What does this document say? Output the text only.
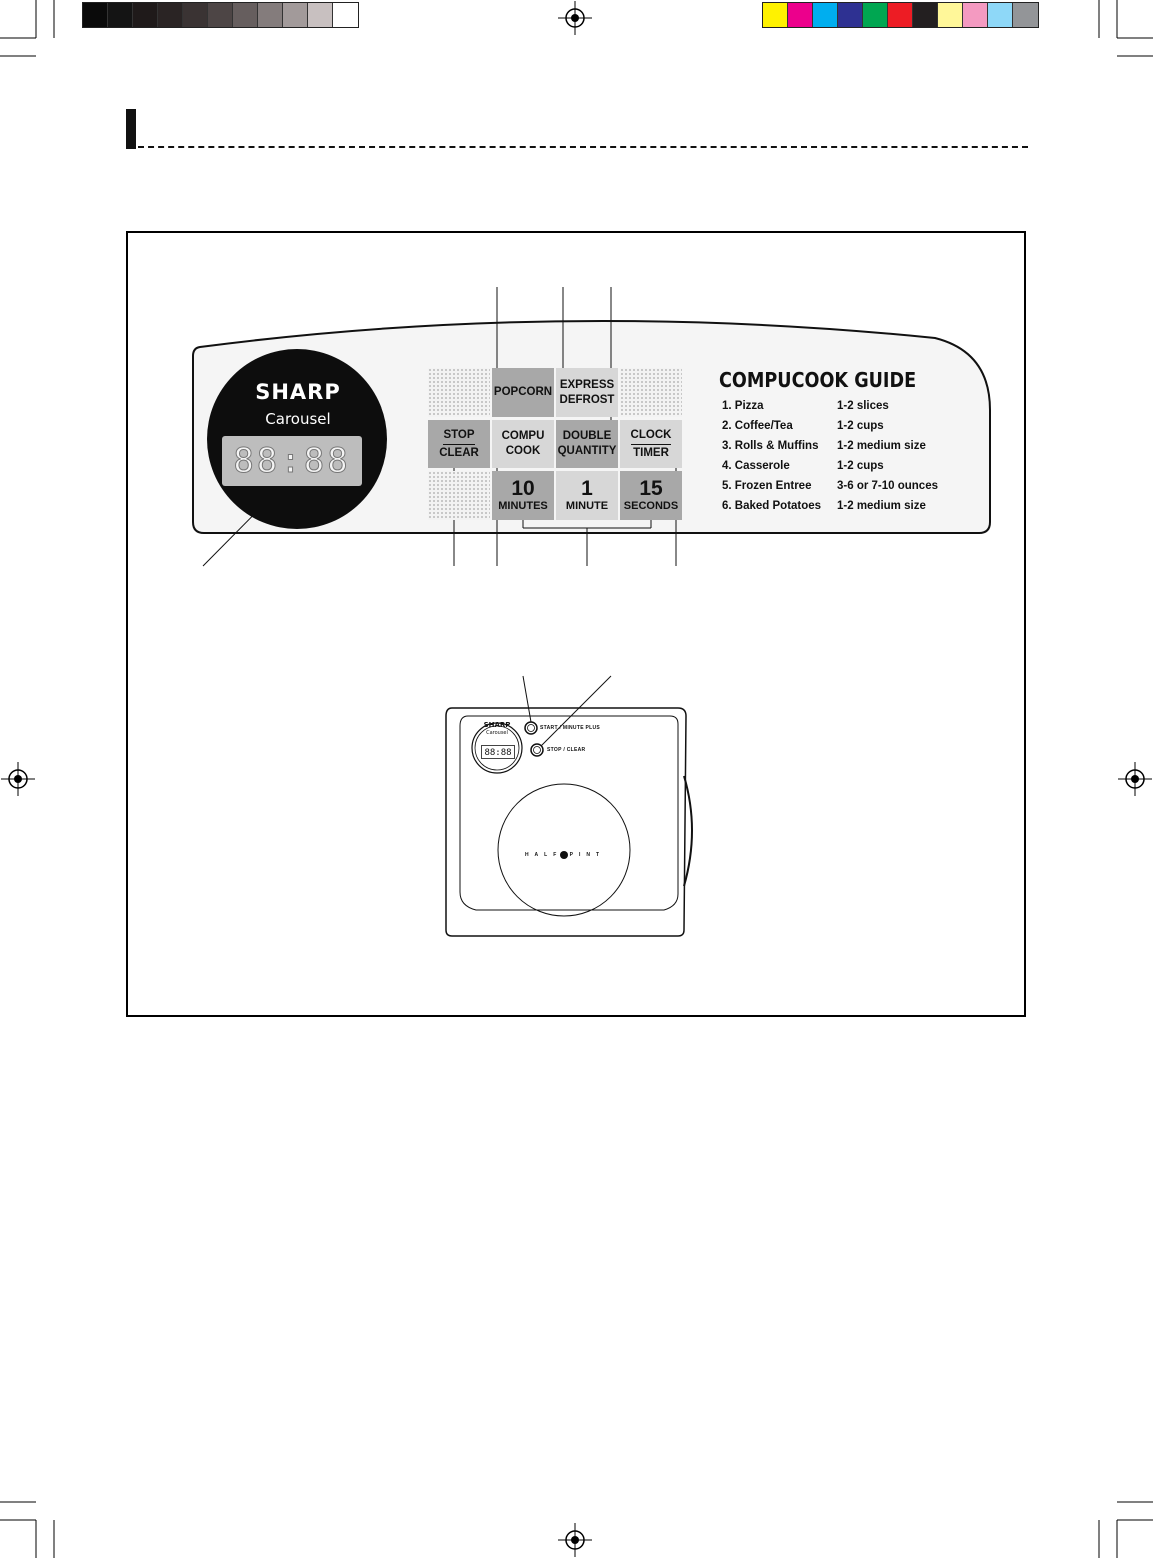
SHARP
Carousel
88:88
POPCORN
EXPRESS
DEFROST
STOP
CLEAR
COMPU
COOK
DOUBLE
QUANTITY
CLOCK
TIMER
10
MINUTES
1
MINUTE
15
SECONDS
COMPUCOOK GUIDE
1. Pizza	1-2 slices
2. Coffee/Tea	1-2 cups
3. Rolls & Muffins 1-2 medium size
4. Casserole	1-2 cups
5. Frozen Entree 3-6 or 7-10 ounces
6. Baked Potatoes 1-2 medium size
SHARP
Carousel
88:88
START / MINUTE PLUS
STOP / CLEAR
HALF PINT
